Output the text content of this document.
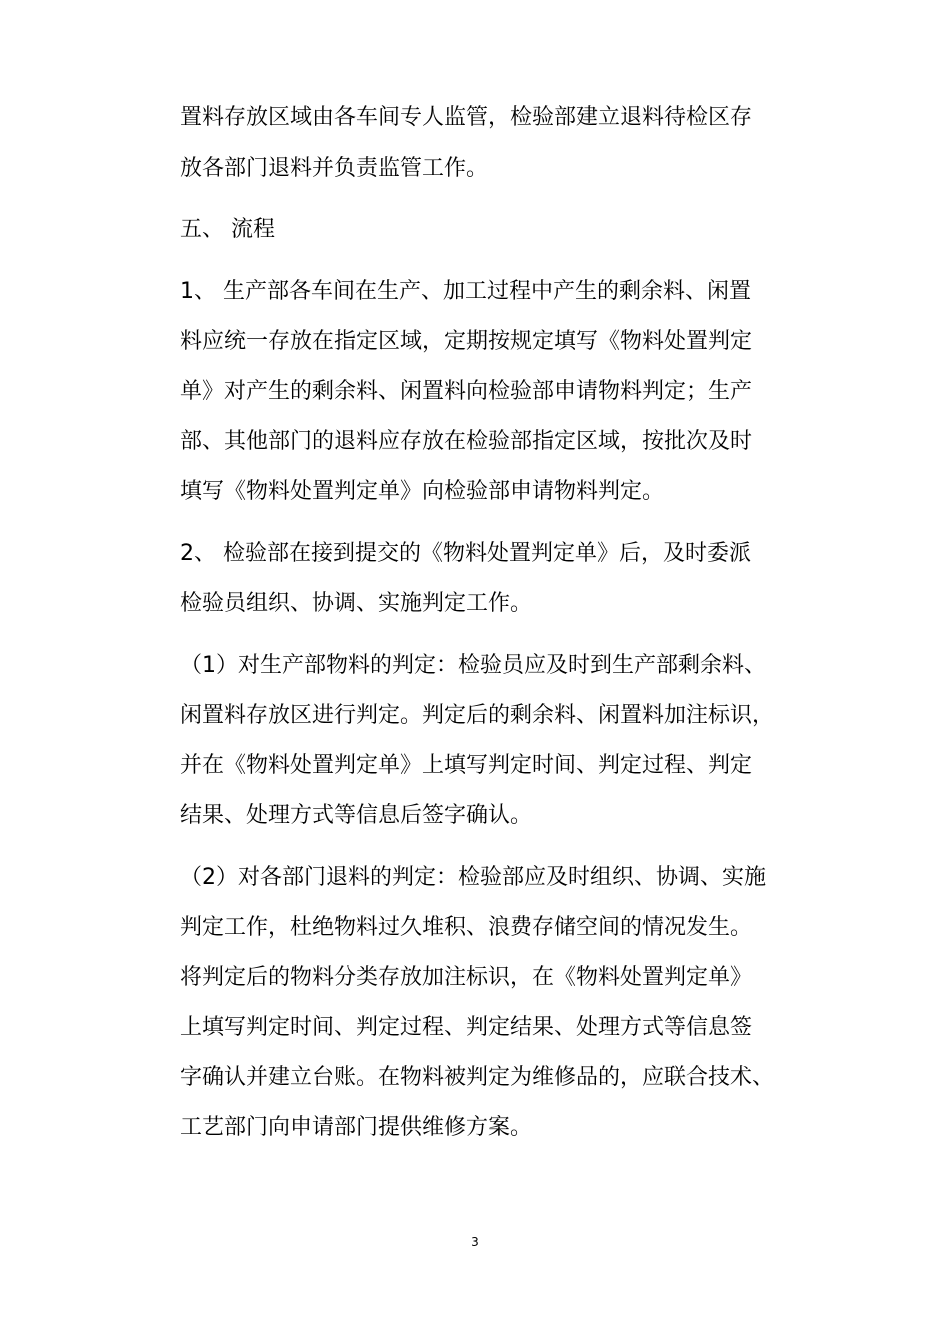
置料存放区域由各车间专人监管，检验部建立退料待检区存
放各部门退料并负责监管工作。
五、 流程
1、 生产部各车间在生产、加工过程中产生的剩余料、闲置
料应统一存放在指定区域，定期按规定填写《物料处置判定
单》对产生的剩余料、闲置料向检验部申请物料判定；生产
部、其他部门的退料应存放在检验部指定区域，按批次及时
填写《物料处置判定单》向检验部申请物料判定。
2、 检验部在接到提交的《物料处置判定单》后，及时委派
检验员组织、协调、实施判定工作。
（1）对生产部物料的判定：检验员应及时到生产部剩余料、
闲置料存放区进行判定。判定后的剩余料、闲置料加注标识，
并在《物料处置判定单》上填写判定时间、判定过程、判定
结果、处理方式等信息后签字确认。
（2）对各部门退料的判定：检验部应及时组织、协调、实施
判定工作，杜绝物料过久堆积、浪费存储空间的情况发生。
将判定后的物料分类存放加注标识，在《物料处置判定单》
上填写判定时间、判定过程、判定结果、处理方式等信息签
字确认并建立台账。在物料被判定为维修品的，应联合技术、
工艺部门向申请部门提供维修方案。
3
